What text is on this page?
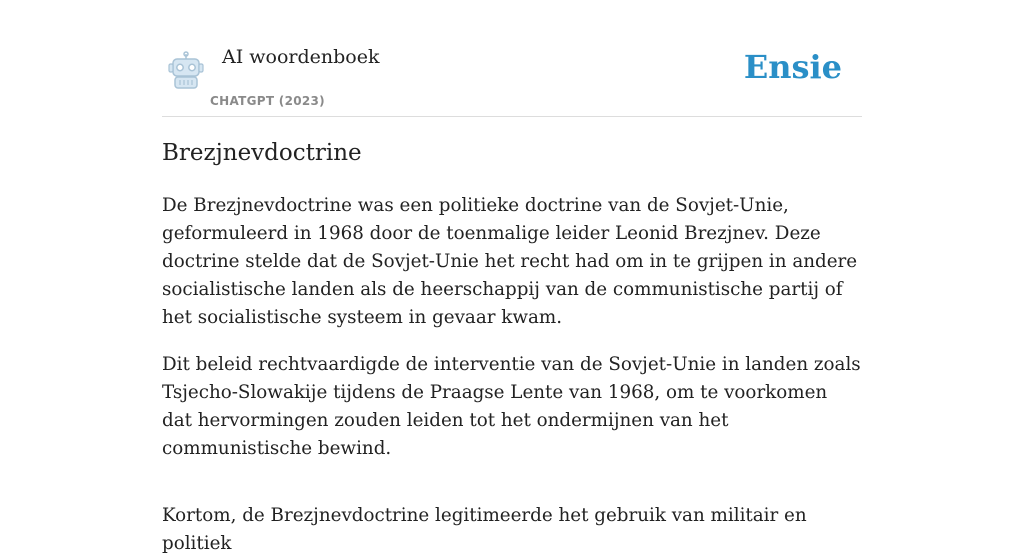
AI woordenboek
CHATGPT (2023)
Ensie
Brezjnevdoctrine

De Brezjnevdoctrine was een politieke doctrine van de Sovjet-Unie, geformuleerd in 1968 door de toenmalige leider Leonid Brezjnev. Deze doctrine stelde dat de Sovjet-Unie het recht had om in te grijpen in andere socialistische landen als de heerschappij van de communistische partij of het socialistische systeem in gevaar kwam.

Dit beleid rechtvaardigde de interventie van de Sovjet-Unie in landen zoals Tsjecho-Slowakije tijdens de Praagse Lente van 1968, om te voorkomen dat hervormingen zouden leiden tot het ondermijnen van het communistische bewind.

Kortom, de Brezjnevdoctrine legitimeerde het gebruik van militair en politiek
